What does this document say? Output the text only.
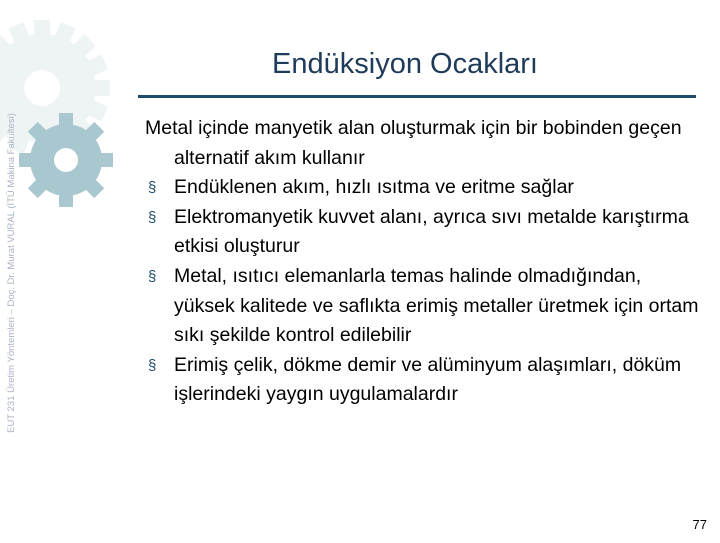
EUT 231 Üretim Yöntemleri – Doç. Dr. Murat VURAL (İTÜ Makina Fakültesi)
Endüksiyon Ocakları
Metal içinde manyetik alan oluşturmak için bir bobinden geçen alternatif akım kullanır
§ Endüklenen akım, hızlı ısıtma ve eritme sağlar
§ Elektromanyetik kuvvet alanı, ayrıca sıvı metalde karıştırma etkisi oluşturur
§ Metal, ısıtıcı elemanlarla temas halinde olmadığından, yüksek kalitede ve saflıkta erimiş metaller üretmek için ortam sıkı şekilde kontrol edilebilir
§ Erimiş çelik, dökme demir ve alüminyum alaşımları, döküm işlerindeki yaygın uygulamalardır
77
